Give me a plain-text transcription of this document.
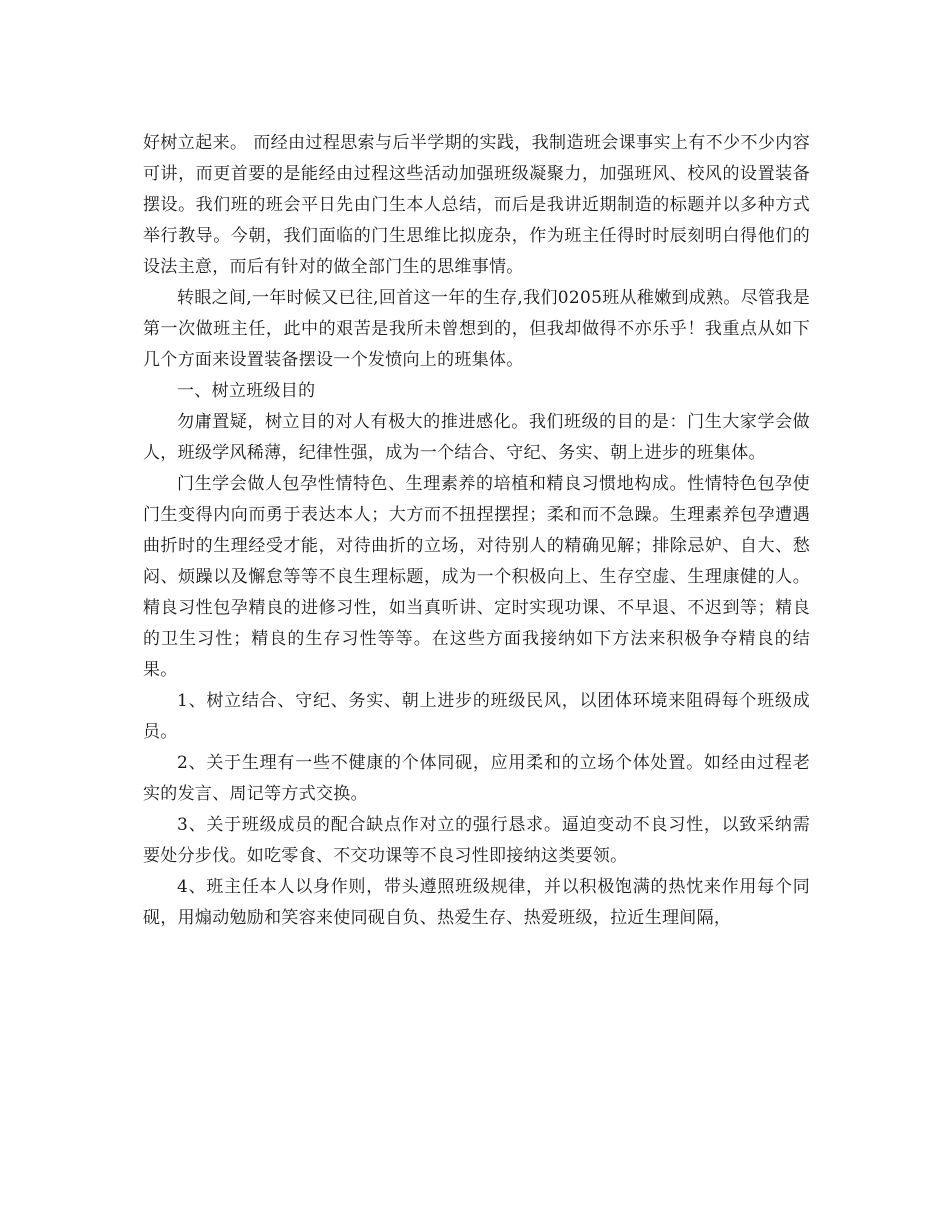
好树立起来。 而经由过程思索与后半学期的实践，我制造班会课事实上有不少不少内容可讲，而更首要的是能经由过程这些活动加强班级凝聚力，加强班风、校风的设置装备摆设。我们班的班会平日先由门生本人总结，而后是我讲近期制造的标题并以多种方式举行教导。今朝，我们面临的门生思维比拟庞杂，作为班主任得时时辰刻明白得他们的设法主意，而后有针对的做全部门生的思维事情。

转眼之间,一年时候又已往,回首这一年的生存,我们0205班从稚嫩到成熟。尽管我是第一次做班主任，此中的艰苦是我所未曾想到的，但我却做得不亦乐乎！我重点从如下几个方面来设置装备摆设一个发愤向上的班集体。

一、树立班级目的

勿庸置疑，树立目的对人有极大的推进感化。我们班级的目的是：门生大家学会做人，班级学风稀薄，纪律性强，成为一个结合、守纪、务实、朝上进步的班集体。

门生学会做人包孕性情特色、生理素养的培植和精良习惯地构成。性情特色包孕使门生变得内向而勇于表达本人；大方而不扭捏摆捏；柔和而不急躁。生理素养包孕遭遇曲折时的生理经受才能，对待曲折的立场，对待别人的精确见解；排除忌妒、自大、愁闷、烦躁以及懈怠等等不良生理标题，成为一个积极向上、生存空虚、生理康健的人。精良习性包孕精良的进修习性，如当真听讲、定时实现功课、不早退、不迟到等；精良的卫生习性；精良的生存习性等等。在这些方面我接纳如下方法来积极争夺精良的结果。

1、树立结合、守纪、务实、朝上进步的班级民风，以团体环境来阻碍每个班级成员。

2、关于生理有一些不健康的个体同砚，应用柔和的立场个体处置。如经由过程老实的发言、周记等方式交换。

3、关于班级成员的配合缺点作对立的强行恳求。逼迫变动不良习性，以致采纳需要处分步伐。如吃零食、不交功课等不良习性即接纳这类要领。

4、班主任本人以身作则，带头遵照班级规律，并以积极饱满的热忱来作用每个同砚，用煽动勉励和笑容来使同砚自负、热爱生存、热爱班级，拉近生理间隔，
